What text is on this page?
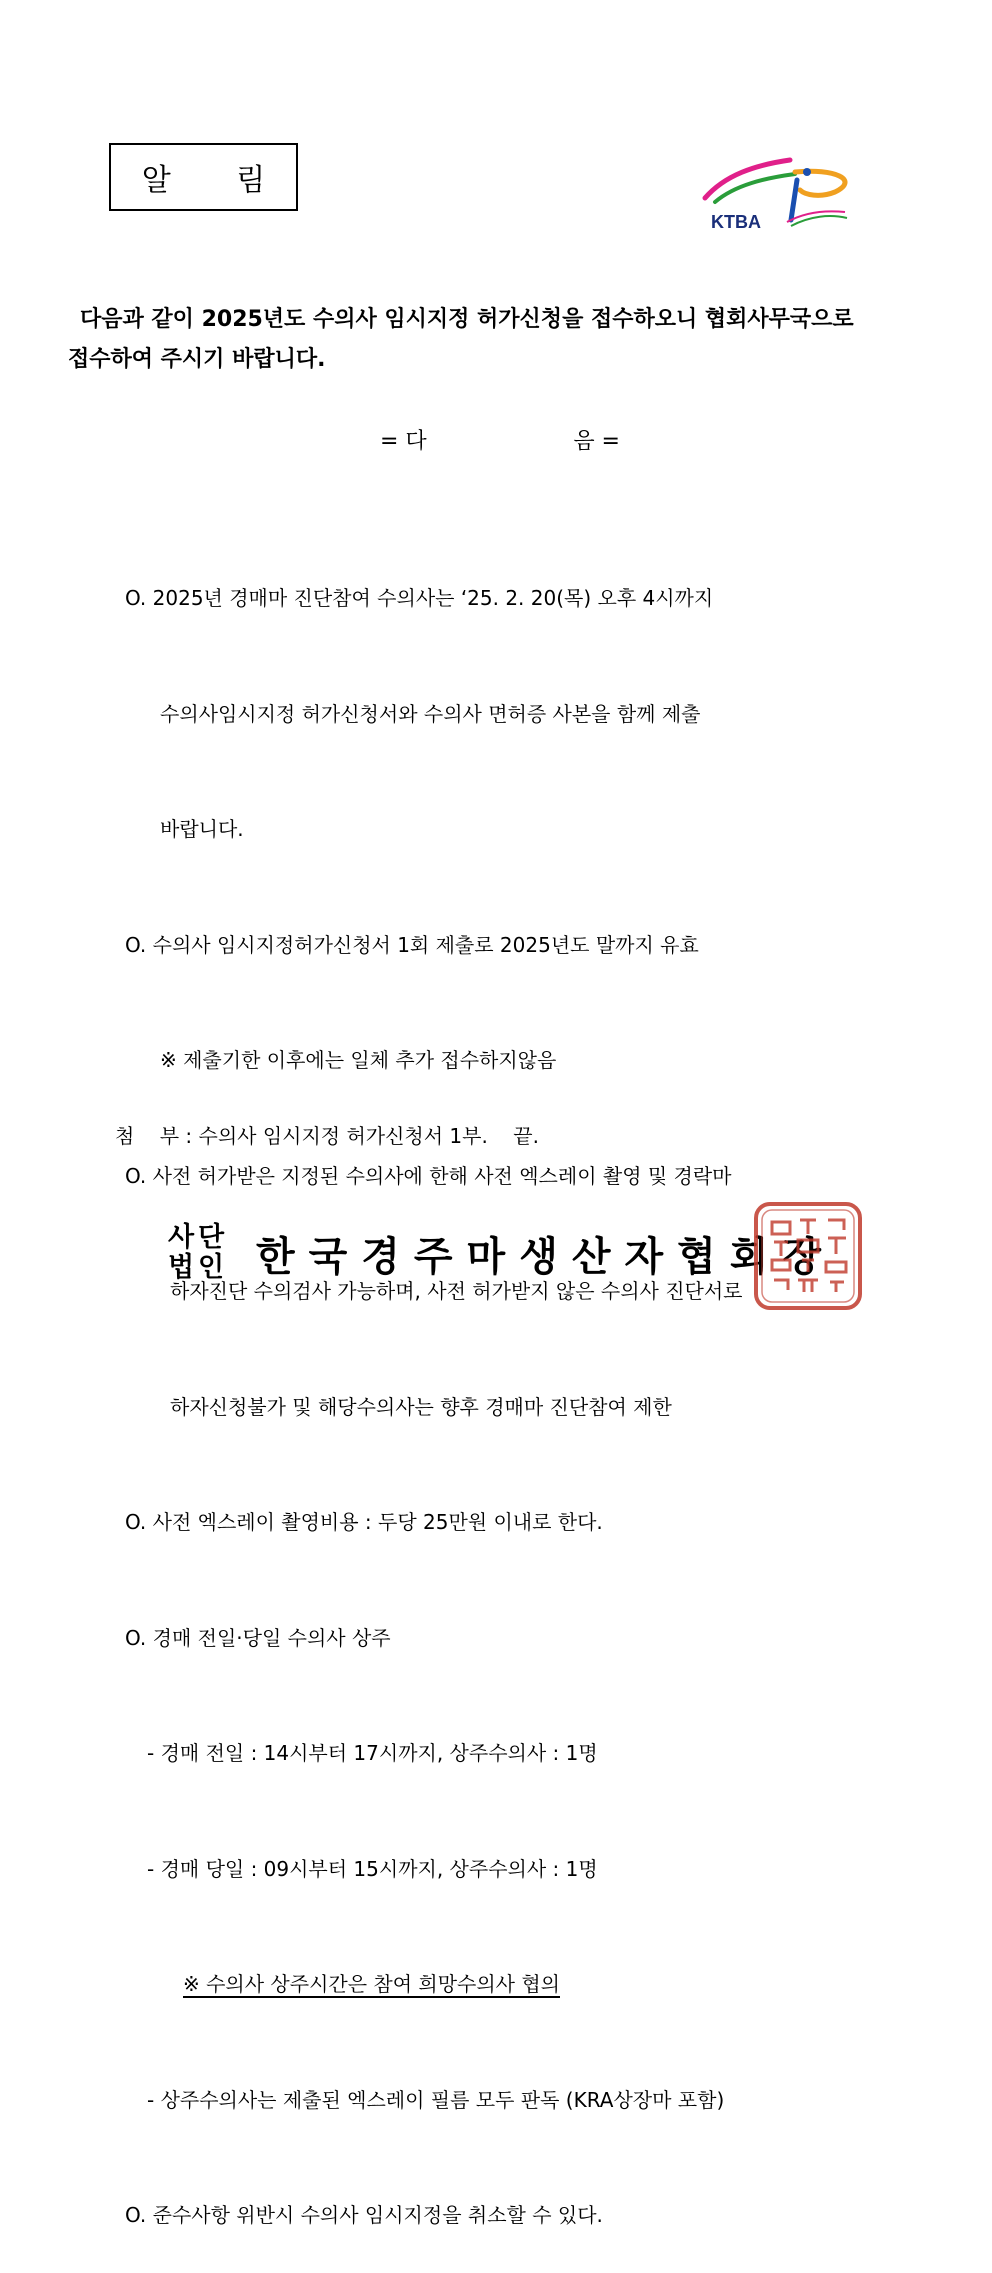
알 림
KTBA
다음과 같이 2025년도 수의사 임시지정 허가신청을 접수하오니 협회사무국으로
접수하여 주시기 바랍니다.
= 다	음 =

O. 2025년 경매마 진단참여 수의사는 ‘25. 2. 20(목) 오후 4시까지

수의사임시지정 허가신청서와 수의사 면허증 사본을 함께 제출

바랍니다.

O. 수의사 임시지정허가신청서 1회 제출로 2025년도 말까지 유효

※ 제출기한 이후에는 일체 추가 접수하지않음

O. 사전 허가받은 지정된 수의사에 한해 사전 엑스레이 촬영 및 경락마

하자진단 수의검사 가능하며, 사전 허가받지 않은 수의사 진단서로

하자신청불가 및 해당수의사는 향후 경매마 진단참여 제한

O. 사전 엑스레이 촬영비용 : 두당 25만원 이내로 한다.

O. 경매 전일·당일 수의사 상주

- 경매 전일 : 14시부터 17시까지, 상주수의사 : 1명

- 경매 당일 : 09시부터 15시까지, 상주수의사 : 1명

※ 수의사 상주시간은 참여 희망수의사 협의

- 상주수의사는 제출된 엑스레이 필름 모두 판독 (KRA상장마 포함)

O. 준수사항 위반시 수의사 임시지정을 취소할 수 있다.

첨    부 : 수의사 임시지정 허가신청서 1부.    끝.
사 단
법 인 한국경주마생산자협회장
